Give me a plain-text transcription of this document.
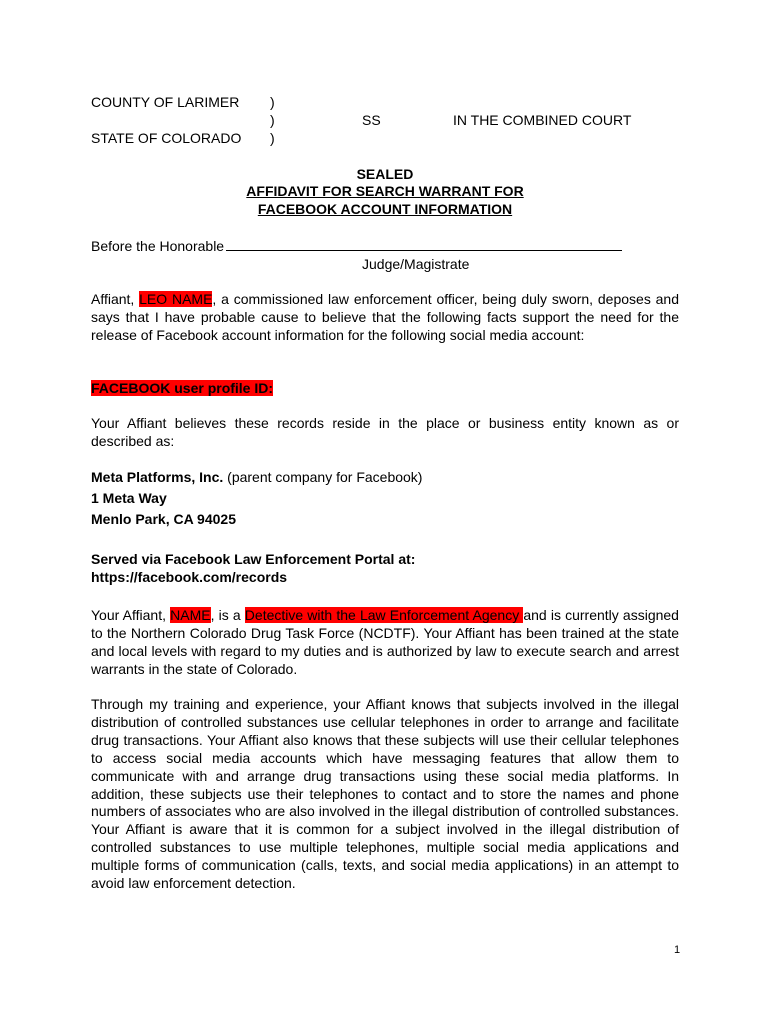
COUNTY OF LARIMER )
)	SS	IN THE COMBINED COURT
STATE OF COLORADO )
SEALED
AFFIDAVIT FOR SEARCH WARRANT FOR
FACEBOOK ACCOUNT INFORMATION
Before the Honorable
Judge/Magistrate

Affiant, LEO NAME, a commissioned law enforcement officer, being duly sworn, deposes and says that I have probable cause to believe that the following facts support the need for the release of Facebook account information for the following social media account:

FACEBOOK user profile ID:

Your Affiant believes these records reside in the place or business entity known as or described as:

Meta Platforms, Inc. (parent company for Facebook)
1 Meta Way
Menlo Park, CA 94025
Served via Facebook Law Enforcement Portal at:
https://facebook.com/records

Your Affiant, NAME, is a Detective with the Law Enforcement Agency and is currently assigned to the Northern Colorado Drug Task Force (NCDTF). Your Affiant has been trained at the state and local levels with regard to my duties and is authorized by law to execute search and arrest warrants in the state of Colorado.

Through my training and experience, your Affiant knows that subjects involved in the illegal distribution of controlled substances use cellular telephones in order to arrange and facilitate drug transactions. Your Affiant also knows that these subjects will use their cellular telephones to access social media accounts which have messaging features that allow them to communicate with and arrange drug transactions using these social media platforms. In addition, these subjects use their telephones to contact and to store the names and phone numbers of associates who are also involved in the illegal distribution of controlled substances. Your Affiant is aware that it is common for a subject involved in the illegal distribution of controlled substances to use multiple telephones, multiple social media applications and multiple forms of communication (calls, texts, and social media applications) in an attempt to avoid law enforcement detection.

1
